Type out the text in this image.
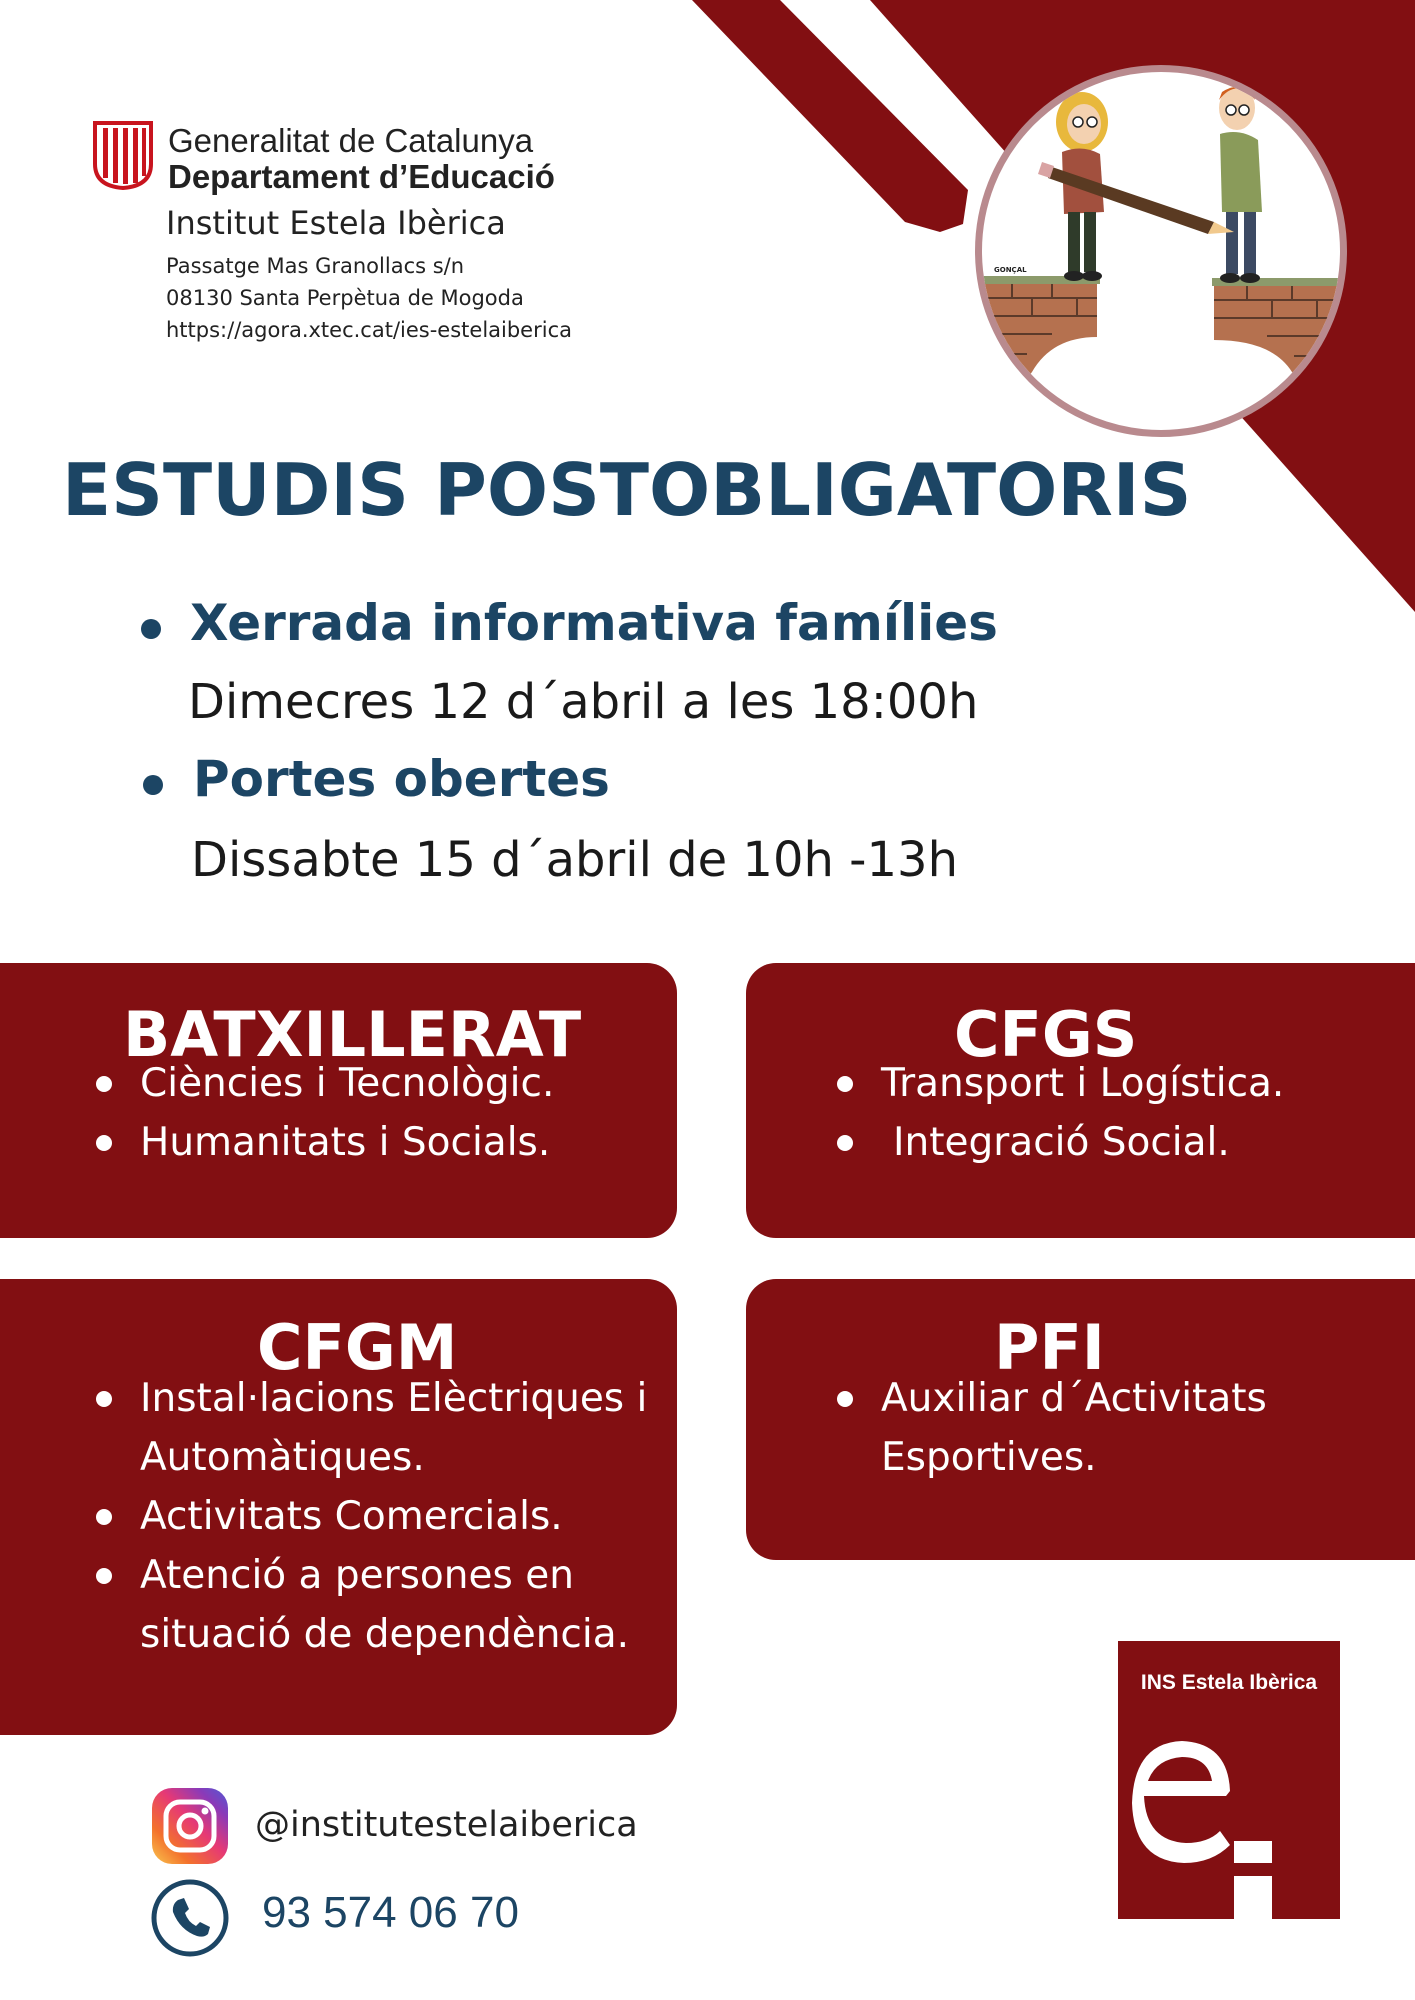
Generalitat de Catalunya
Departament d’Educació
Institut Estela Ibèrica
Passatge Mas Granollacs s/n
08130 Santa Perpètua de Mogoda
https://agora.xtec.cat/ies-estelaiberica
GONÇAL
ESTUDIS POSTOBLIGATORIS
Xerrada informativa famílies
Dimecres 12 d´abril a les 18:00h
Portes obertes
Dissabte 15 d´abril de 10h -13h
BATXILLERAT
Ciències i Tecnològic.
Humanitats i Socials.
CFGS
Transport i Logística.
Integració Social.
CFGM
Instal·lacions Elèctriques i
Automàtiques.
Activitats Comercials.
Atenció a persones en
situació de dependència.
PFI
Auxiliar d´Activitats
Esportives.
@institutestelaiberica
93 574 06 70
INS Estela Ibèrica
